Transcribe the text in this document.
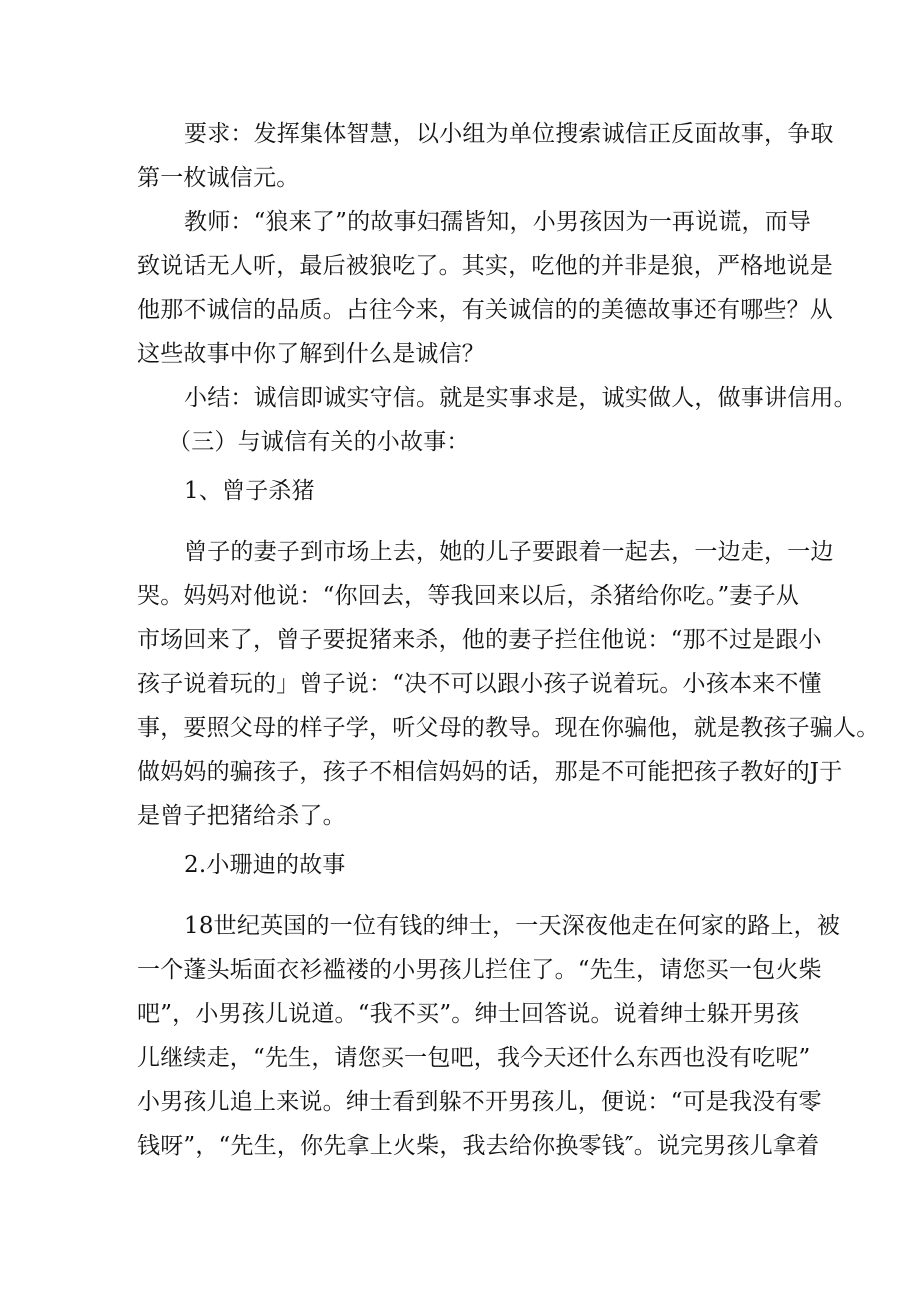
要求：发挥集体智慧，以小组为单位搜索诚信正反面故事，争取
第一枚诚信元。
教师：“狼来了”的故事妇孺皆知，小男孩因为一再说谎，而导
致说话无人听，最后被狼吃了。其实，吃他的并非是狼，严格地说是
他那不诚信的品质。占往今来，有关诚信的的美德故事还有哪些？从
这些故事中你了解到什么是诚信？
小结：诚信即诚实守信。就是实事求是，诚实做人，做事讲信用。
（三）与诚信有关的小故事：
1、曾子杀猪
曾子的妻子到市场上去，她的儿子要跟着一起去，一边走，一边
哭。妈妈对他说：“你回去，等我回来以后，杀猪给你吃。”妻子从
市场回来了，曾子要捉猪来杀，他的妻子拦住他说：“那不过是跟小
孩子说着玩的」曾子说：“决不可以跟小孩子说着玩。小孩本来不懂
事，要照父母的样子学，听父母的教导。现在你骗他，就是教孩子骗人。
做妈妈的骗孩子，孩子不相信妈妈的话，那是不可能把孩子教好的J于
是曾子把猪给杀了。
2.小珊迪的故事
18世纪英国的一位有钱的绅士，一天深夜他走在何家的路上，被
一个蓬头垢面衣衫褴褛的小男孩儿拦住了。“先生，请您买一包火柴
吧”，小男孩儿说道。“我不买”。绅士回答说。说着绅士躲开男孩
儿继续走，“先生，请您买一包吧，我今天还什么东西也没有吃呢”
小男孩儿追上来说。绅士看到躲不开男孩儿，便说：“可是我没有零
钱呀”，“先生，你先拿上火柴，我去给你换零钱″。说完男孩儿拿着
